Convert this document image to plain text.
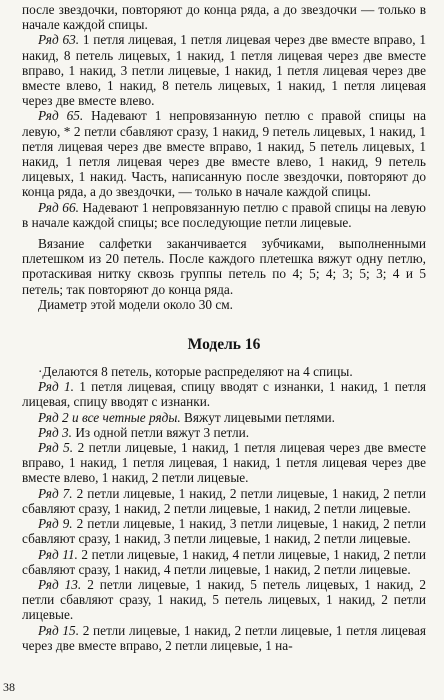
после звездочки, повторяют до конца ряда, а до звездочки — только в начале каждой спицы.

Ряд 63. 1 петля лицевая, 1 петля лицевая через две вместе вправо, 1 накид, 8 петель лицевых, 1 накид, 1 петля лицевая через две вместе вправо, 1 накид, 3 петли лицевые, 1 накид, 1 петля лицевая через две вместе влево, 1 накид, 8 петель лицевых, 1 накид, 1 петля лицевая через две вместе влево.

Ряд 65. Надевают 1 непровязанную петлю с правой спицы на левую, * 2 петли сбавляют сразу, 1 накид, 9 петель лицевых, 1 накид, 1 петля лицевая через две вместе вправо, 1 накид, 5 петель лицевых, 1 накид, 1 петля лицевая через две вместе влево, 1 накид, 9 петель лицевых, 1 накид. Часть, написанную после звездочки, повторяют до конца ряда, а до звездочки, — только в начале каждой спицы.

Ряд 66. Надевают 1 непровязанную петлю с правой спицы на левую в начале каждой спицы; все последующие петли лицевые.

Вязание салфетки заканчивается зубчиками, выполненными плетешком из 20 петель. После каждого плетешка вяжут одну петлю, протаскивая нитку сквозь группы петель по 4; 5; 4; 3; 5; 3; 4 и 5 петель; так повторяют до конца ряда.

Диаметр этой модели около 30 см.

Модель 16

·Делаются 8 петель, которые распределяют на 4 спицы.

Ряд 1. 1 петля лицевая, спицу вводят с изнанки, 1 накид, 1 петля лицевая, спицу вводят с изнанки.

Ряд 2 и все четные ряды. Вяжут лицевыми петлями.

Ряд 3. Из одной петли вяжут 3 петли.

Ряд 5. 2 петли лицевые, 1 накид, 1 петля лицевая через две вместе вправо, 1 накид, 1 петля лицевая, 1 накид, 1 петля лицевая через две вместе влево, 1 накид, 2 петли лицевые.

Ряд 7. 2 петли лицевые, 1 накид, 2 петли лицевые, 1 накид, 2 петли сбавляют сразу, 1 накид, 2 петли лицевые, 1 накид, 2 петли лицевые.

Ряд 9. 2 петли лицевые, 1 накид, 3 петли лицевые, 1 накид, 2 петли сбавляют сразу, 1 накид, 3 петли лицевые, 1 накид, 2 петли лицевые.

Ряд 11. 2 петли лицевые, 1 накид, 4 петли лицевые, 1 накид, 2 петли сбавляют сразу, 1 накид, 4 петли лицевые, 1 накид, 2 петли лицевые.

Ряд 13. 2 петли лицевые, 1 накид, 5 петель лицевых, 1 накид, 2 петли сбавляют сразу, 1 накид, 5 петель лицевых, 1 накид, 2 петли лицевые.

Ряд 15. 2 петли лицевые, 1 накид, 2 петли лицевые, 1 петля лицевая через две вместе вправо, 2 петли лицевые, 1 на-

38
